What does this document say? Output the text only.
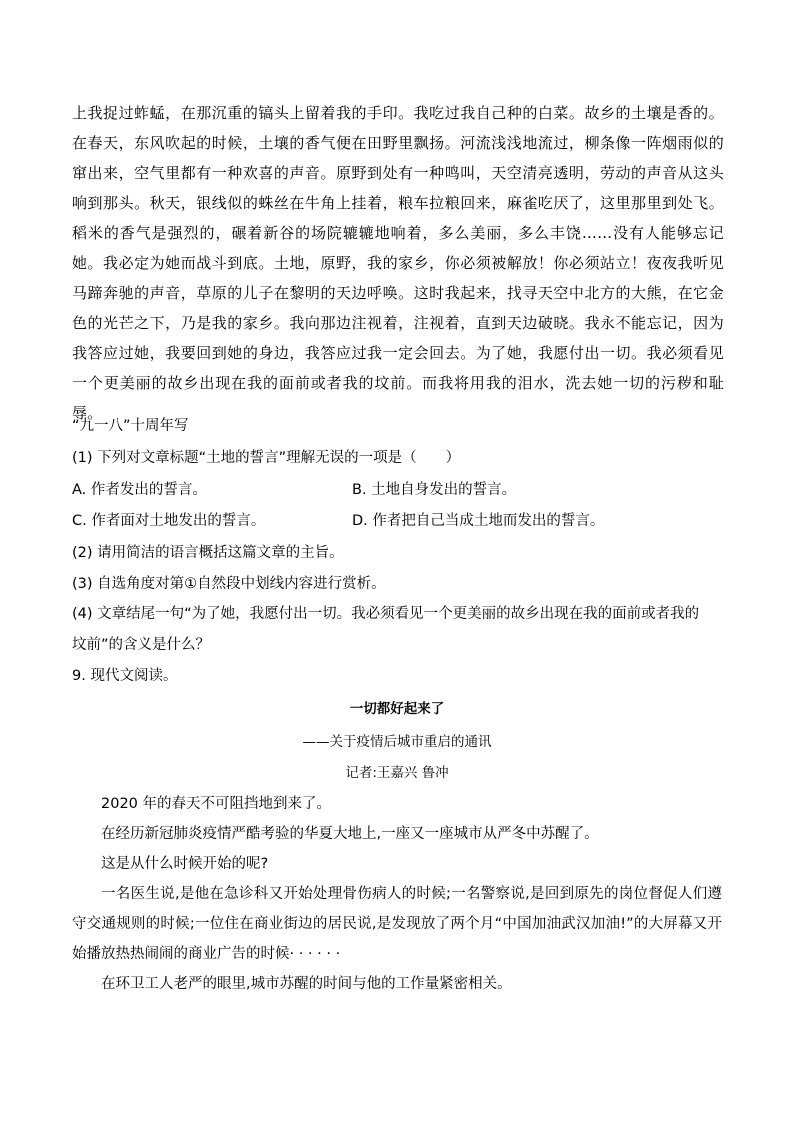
上我捉过蚱蜢，在那沉重的镐头上留着我的手印。我吃过我自己种的白菜。故乡的土壤是香的。在春天，东风吹起的时候，土壤的香气便在田野里飘扬。河流浅浅地流过，柳条像一阵烟雨似的窜出来，空气里都有一种欢喜的声音。原野到处有一种鸣叫，天空清亮透明，劳动的声音从这头响到那头。秋天，银线似的蛛丝在牛角上挂着，粮车拉粮回来，麻雀吃厌了，这里那里到处飞。稻米的香气是强烈的，碾着新谷的场院辘辘地响着，多么美丽，多么丰饶……没有人能够忘记她。我必定为她而战斗到底。土地，原野，我的家乡，你必须被解放！你必须站立！夜夜我听见马蹄奔驰的声音，草原的儿子在黎明的天边呼唤。这时我起来，找寻天空中北方的大熊，在它金色的光芒之下，乃是我的家乡。我向那边注视着，注视着，直到天边破晓。我永不能忘记，因为我答应过她，我要回到她的身边，我答应过我一定会回去。为了她，我愿付出一切。我必须看见一个更美丽的故乡出现在我的面前或者我的坟前。而我将用我的泪水，洗去她一切的污秽和耻辱。
“九一八”十周年写
(1) 下列对文章标题“土地的誓言”理解无误的一项是（　　）
A. 作者发出的誓言。	B. 土地自身发出的誓言。
C. 作者面对土地发出的誓言。	D. 作者把自己当成土地而发出的誓言。
(2) 请用简洁的语言概括这篇文章的主旨。
(3) 自选角度对第①自然段中划线内容进行赏析。
(4) 文章结尾一句“为了她，我愿付出一切。我必须看见一个更美丽的故乡出现在我的面前或者我的坟前”的含义是什么？
9. 现代文阅读。
一切都好起来了
——关于疫情后城市重启的通讯
记者:王嘉兴 鲁冲
2020 年的春天不可阻挡地到来了。
在经历新冠肺炎疫情严酷考验的华夏大地上,一座又一座城市从严冬中苏醒了。
这是从什么时候开始的呢?
一名医生说,是他在急诊科又开始处理骨伤病人的时候;一名警察说,是回到原先的岗位督促人们遵守交通规则的时候;一位住在商业街边的居民说,是发现放了两个月“中国加油武汉加油!”的大屏幕又开始播放热热闹闹的商业广告的时候· · · · · ·
在环卫工人老严的眼里,城市苏醒的时间与他的工作量紧密相关。
